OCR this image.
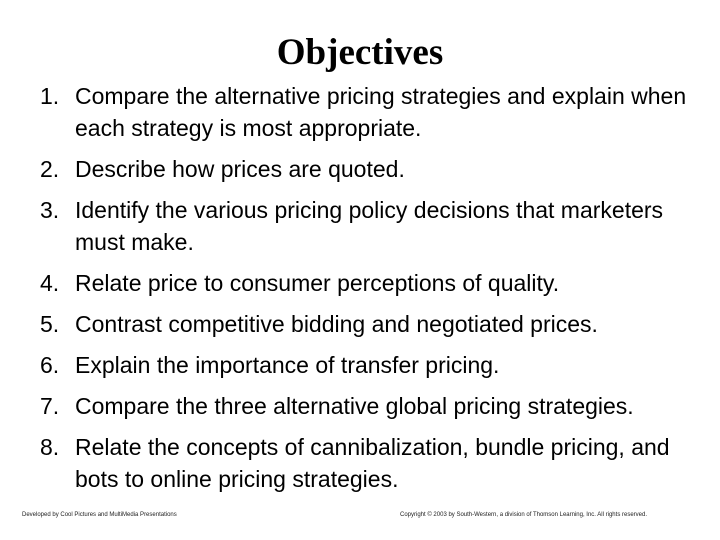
Objectives
1. Compare the alternative pricing strategies and explain when each strategy is most appropriate.
2. Describe how prices are quoted.
3. Identify the various pricing policy decisions that marketers must make.
4. Relate price to consumer perceptions of quality.
5. Contrast competitive bidding and negotiated prices.
6. Explain the importance of transfer pricing.
7. Compare the three alternative global pricing strategies.
8. Relate the concepts of cannibalization, bundle pricing, and bots to online pricing strategies.
Developed by Cool Pictures and MultiMedia Presentations	Copyright © 2003 by South-Western, a division of Thomson Learning, Inc. All rights reserved.
